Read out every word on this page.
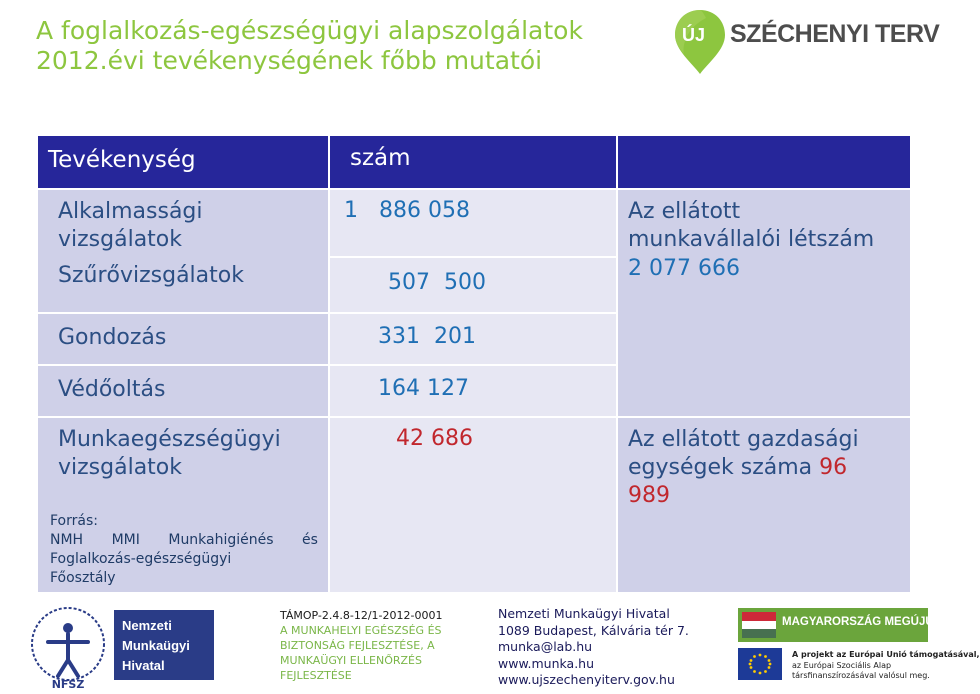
A foglalkozás-egészségügyi alapszolgálatok
2012.évi tevékenységének főbb mutatói
ÚJ SZÉCHENYI TERV
Tevékenység	szám
Alkalmassági vizsgálatok
Szűrővizsgálatok
Gondozás
Védőoltás
Munkaegészségügyi vizsgálatok
Forrás:
NMH MMI Munkahigiénés és
Foglalkozás-egészségügyi
Főosztály
1   886 058
507  500
331  201
164 127
42 686
Az ellátott
munkavállalói létszám
2 077 666
Az ellátott gazdasági
egységek száma 96
989
NFSZ
Nemzeti
Munkaügyi
Hivatal
TÁMOP-2.4.8-12/1-2012-0001
A MUNKAHELYI EGÉSZSÉG ÉS
BIZTONSÁG FEJLESZTÉSE, A
MUNKAÜGYI ELLENŐRZÉS
FEJLESZTÉSE
Nemzeti Munkaügyi Hivatal
1089 Budapest, Kálvária tér 7.
munka@lab.hu
www.munka.hu
www.ujszechenyiterv.gov.hu
MAGYARORSZÁG MEGÚJUL
A projekt az Európai Unió támogatásával,
az Európai Szociális Alap
társfinanszírozásával valósul meg.
